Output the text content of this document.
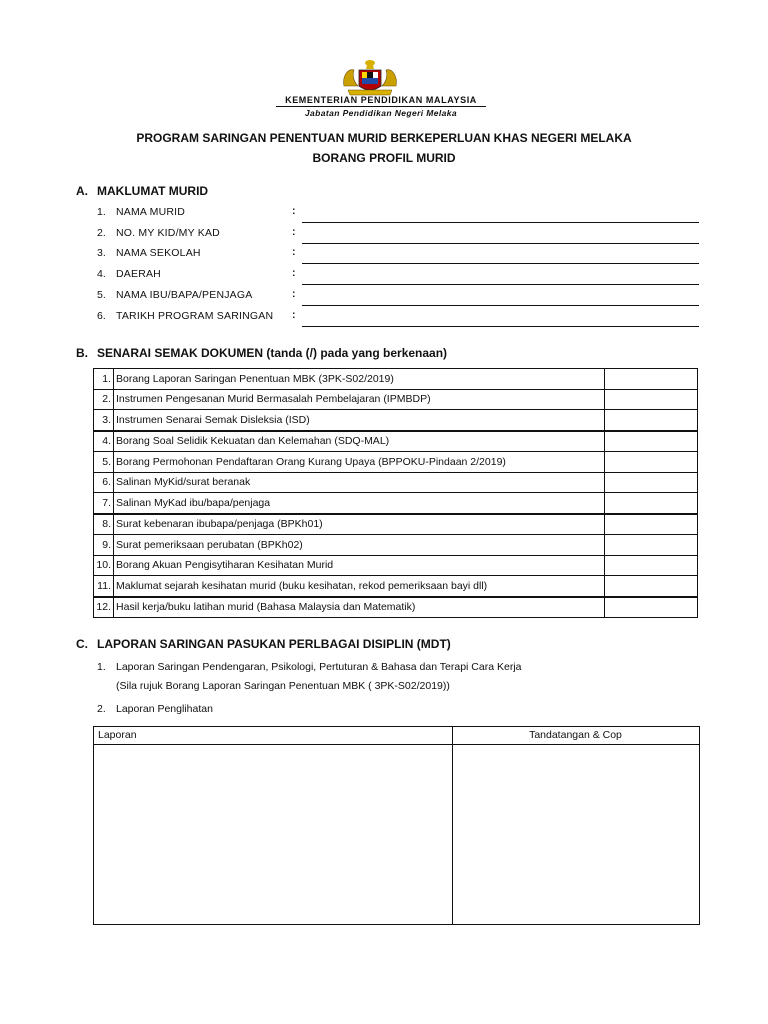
KEMENTERIAN PENDIDIKAN MALAYSIA
Jabatan Pendidikan Negeri Melaka
PROGRAM SARINGAN PENENTUAN MURID BERKEPERLUAN KHAS NEGERI MELAKA
BORANG PROFIL MURID
A. MAKLUMAT MURID
1. NAMA MURID	:
2. NO. MY KID/MY KAD	:
3. NAMA SEKOLAH	:
4. DAERAH	:
5. NAMA IBU/BAPA/PENJAGA	:
6. TARIKH PROGRAM SARINGAN :
B. SENARAI SEMAK DOKUMEN (tanda (/) pada yang berkenaan)
1.	Borang Laporan Saringan Penentuan MBK (3PK-S02/2019)	
2.	Instrumen Pengesanan Murid Bermasalah Pembelajaran (IPMBDP)	
3.	Instrumen Senarai Semak Disleksia (ISD)	
4.	Borang Soal Selidik Kekuatan dan Kelemahan (SDQ-MAL)	
5.	Borang Permohonan Pendaftaran Orang Kurang Upaya (BPPOKU-Pindaan 2/2019)	
6.	Salinan MyKid/surat beranak	
7.	Salinan MyKad ibu/bapa/penjaga	
8.	Surat kebenaran ibubapa/penjaga (BPKh01)	
9.	Surat pemeriksaan perubatan (BPKh02)	
10.	Borang Akuan Pengisytiharan Kesihatan Murid	
11.	Maklumat sejarah kesihatan murid (buku kesihatan, rekod pemeriksaan bayi dll)	
12.	Hasil kerja/buku latihan murid (Bahasa Malaysia dan Matematik)	
C. LAPORAN SARINGAN PASUKAN PERLBAGAI DISIPLIN (MDT)
1. Laporan Saringan Pendengaran, Psikologi, Pertuturan & Bahasa dan Terapi Cara Kerja
(Sila rujuk Borang Laporan Saringan Penentuan MBK ( 3PK-S02/2019))
2. Laporan Penglihatan
Laporan	Tandatangan & Cop
